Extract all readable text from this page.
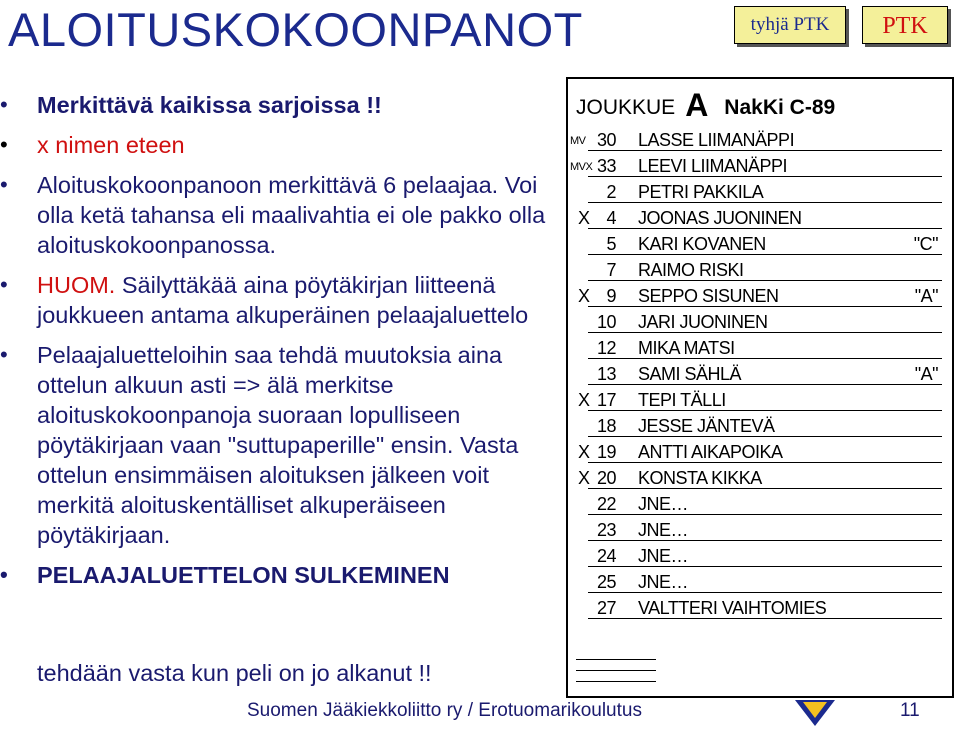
ALOITUSKOKOONPANOT	tyhjä PTK	PTK
• Merkittävä kaikissa sarjoissa !!
• x nimen eteen
• Aloituskokoonpanoon merkittävä 6 pelaajaa. Voi olla ketä tahansa eli maalivahtia ei ole pakko olla aloituskokoonpanossa.
• HUOM. Säilyttäkää aina pöytäkirjan liitteenä joukkueen antama alkuperäinen pelaajaluettelo
• Pelaajaluetteloihin saa tehdä muutoksia aina ottelun alkuun asti => älä merkitse aloituskokoonpanoja suoraan lopulliseen pöytäkirjaan vaan "suttupaperille" ensin. Vasta ottelun ensimmäisen aloituksen jälkeen voit merkitä aloituskentälliset alkuperäiseen pöytäkirjaan.
• PELAAJALUETTELON SULKEMINEN
tehdään vasta kun peli on jo alkanut !!
JOUKKUE A NakKi C-89
MV 30 LASSE LIIMANÄPPI
MVX 33 LEEVI LIIMANÄPPI
2 PETRI PAKKILA
X 4 JOONAS JUONINEN
5 KARI KOVANEN	"C"
7 RAIMO RISKI
X 9 SEPPO SISUNEN	"A"
10 JARI JUONINEN
12 MIKA MATSI
13 SAMI SÄHLÄ	"A"
X 17 TEPI TÄLLI
18 JESSE JÄNTEVÄ
X 19 ANTTI AIKAPOIKA
X 20 KONSTA KIKKA
22 JNE…
23 JNE…
24 JNE…
25 JNE…
27 VALTTERI VAIHTOMIES
Suomen Jääkiekkoliitto ry / Erotuomarikoulutus	11
